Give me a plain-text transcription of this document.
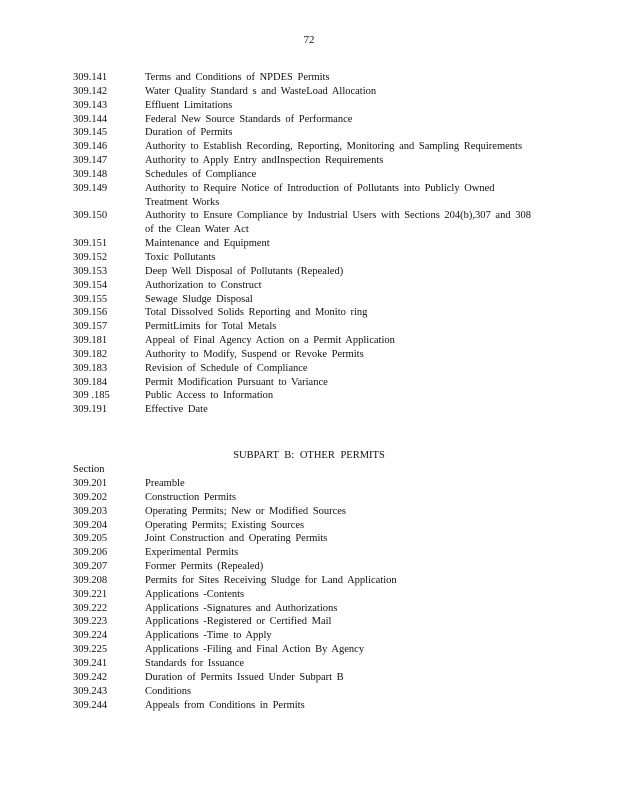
72
309.141	Terms and Conditions of NPDES Permits
309.142	Water Quality Standard s and WasteLoad Allocation
309.143	Effluent Limitations
309.144	Federal New Source Standards of Performance
309.145	Duration of Permits
309.146	Authority to Establish Recording, Reporting, Monitoring and Sampling Requirements
309.147	Authority to Apply Entry andInspection Requirements
309.148	Schedules of Compliance
309.149	Authority to Require Notice of Introduction of Pollutants into Publicly Owned Treatment Works
309.150	Authority to Ensure Compliance by Industrial Users with Sections 204(b),307 and 308 of the Clean Water Act
309.151	Maintenance and Equipment
309.152	Toxic Pollutants
309.153	Deep Well Disposal of Pollutants (Repealed)
309.154	Authorization to Construct
309.155	Sewage Sludge Disposal
309.156	Total Dissolved Solids Reporting and Monito ring
309.157	PermitLimits for Total Metals
309.181	Appeal of Final Agency Action on a Permit Application
309.182	Authority to Modify, Suspend or Revoke Permits
309.183	Revision of Schedule of Compliance
309.184	Permit Modification Pursuant to Variance
309 .185	Public Access to Information
309.191	Effective Date
SUBPART B: OTHER PERMITS
Section
309.201	Preamble
309.202	Construction Permits
309.203	Operating Permits; New or Modified Sources
309.204	Operating Permits; Existing Sources
309.205	Joint Construction and Operating Permits
309.206	Experimental Permits
309.207	Former Permits (Repealed)
309.208	Permits for Sites Receiving Sludge for Land Application
309.221	Applications -Contents
309.222	Applications -Signatures and Authorizations
309.223	Applications -Registered or Certified Mail
309.224	Applications -Time to Apply
309.225	Applications -Filing and Final Action By Agency
309.241	Standards for Issuance
309.242	Duration of Permits Issued Under Subpart B
309.243	Conditions
309.244	Appeals from Conditions in Permits
